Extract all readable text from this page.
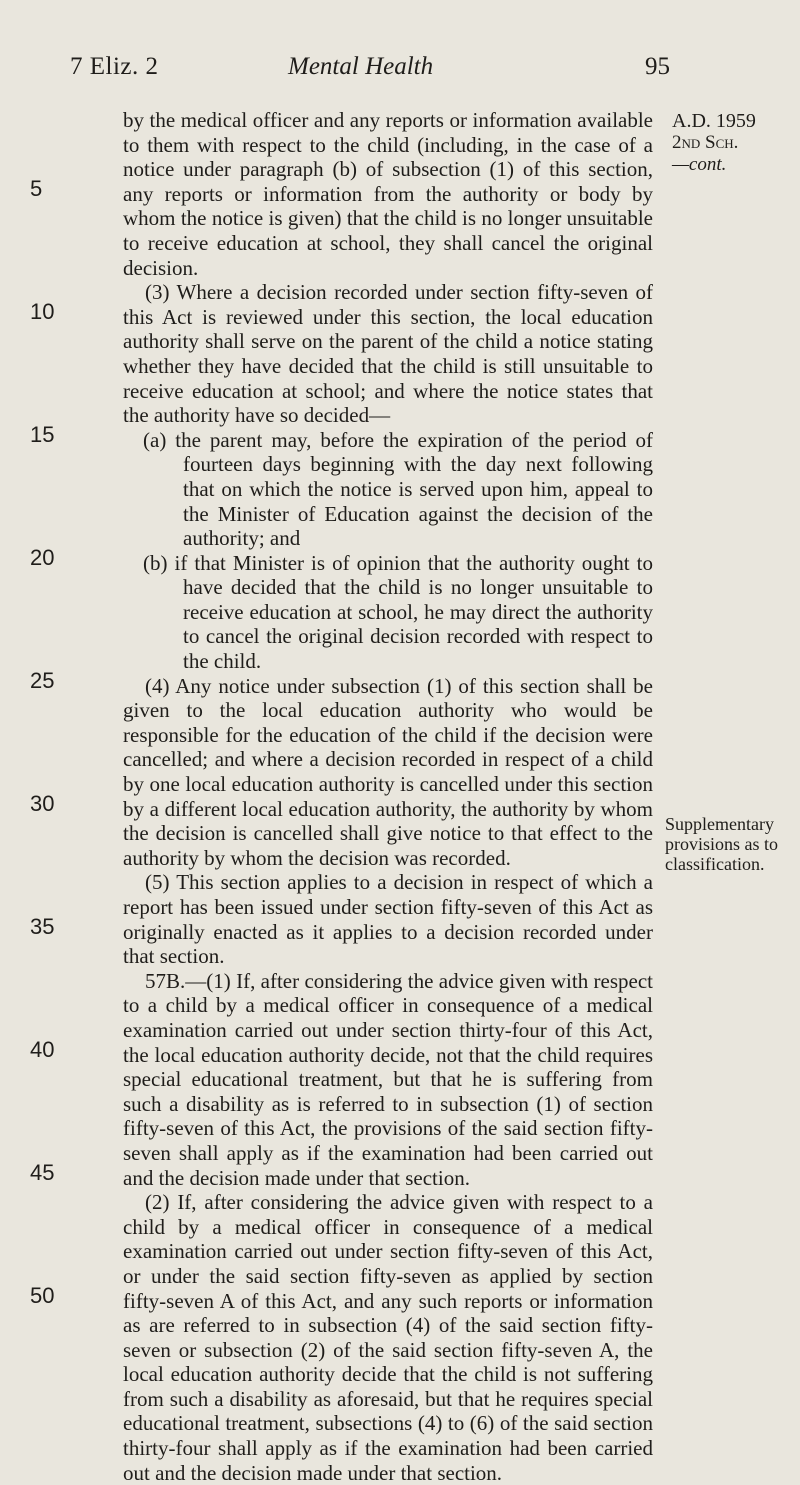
7 Eliz. 2	Mental Health	95
A.D. 1959
2nd Sch.
—cont.
Supplementary provisions as to classification.
5
10
15
20
25
30
35
40
45
50

by the medical officer and any reports or information available to them with respect to the child (including, in the case of a notice under paragraph (b) of subsection (1) of this section, any reports or information from the authority or body by whom the notice is given) that the child is no longer unsuitable to receive education at school, they shall cancel the original decision.

(3) Where a decision recorded under section fifty-seven of this Act is reviewed under this section, the local education authority shall serve on the parent of the child a notice stating whether they have decided that the child is still unsuitable to receive education at school; and where the notice states that the authority have so decided—

(a) the parent may, before the expiration of the period of fourteen days beginning with the day next following that on which the notice is served upon him, appeal to the Minister of Education against the decision of the authority; and

(b) if that Minister is of opinion that the authority ought to have decided that the child is no longer unsuitable to receive education at school, he may direct the authority to cancel the original decision recorded with respect to the child.

(4) Any notice under subsection (1) of this section shall be given to the local education authority who would be responsible for the education of the child if the decision were cancelled; and where a decision recorded in respect of a child by one local education authority is cancelled under this section by a different local education authority, the authority by whom the decision is cancelled shall give notice to that effect to the authority by whom the decision was recorded.

(5) This section applies to a decision in respect of which a report has been issued under section fifty-seven of this Act as originally enacted as it applies to a decision recorded under that section.

57B.—(1) If, after considering the advice given with respect to a child by a medical officer in consequence of a medical examination carried out under section thirty-four of this Act, the local education authority decide, not that the child requires special educational treatment, but that he is suffering from such a disability as is referred to in subsection (1) of section fifty-seven of this Act, the provisions of the said section fifty-seven shall apply as if the examination had been carried out and the decision made under that section.

(2) If, after considering the advice given with respect to a child by a medical officer in consequence of a medical examination carried out under section fifty-seven of this Act, or under the said section fifty-seven as applied by section fifty-seven A of this Act, and any such reports or information as are referred to in subsection (4) of the said section fifty-seven or subsection (2) of the said section fifty-seven A, the local education authority decide that the child is not suffering from such a disability as aforesaid, but that he requires special educational treatment, subsections (4) to (6) of the said section thirty-four shall apply as if the examination had been carried out and the decision made under that section.
